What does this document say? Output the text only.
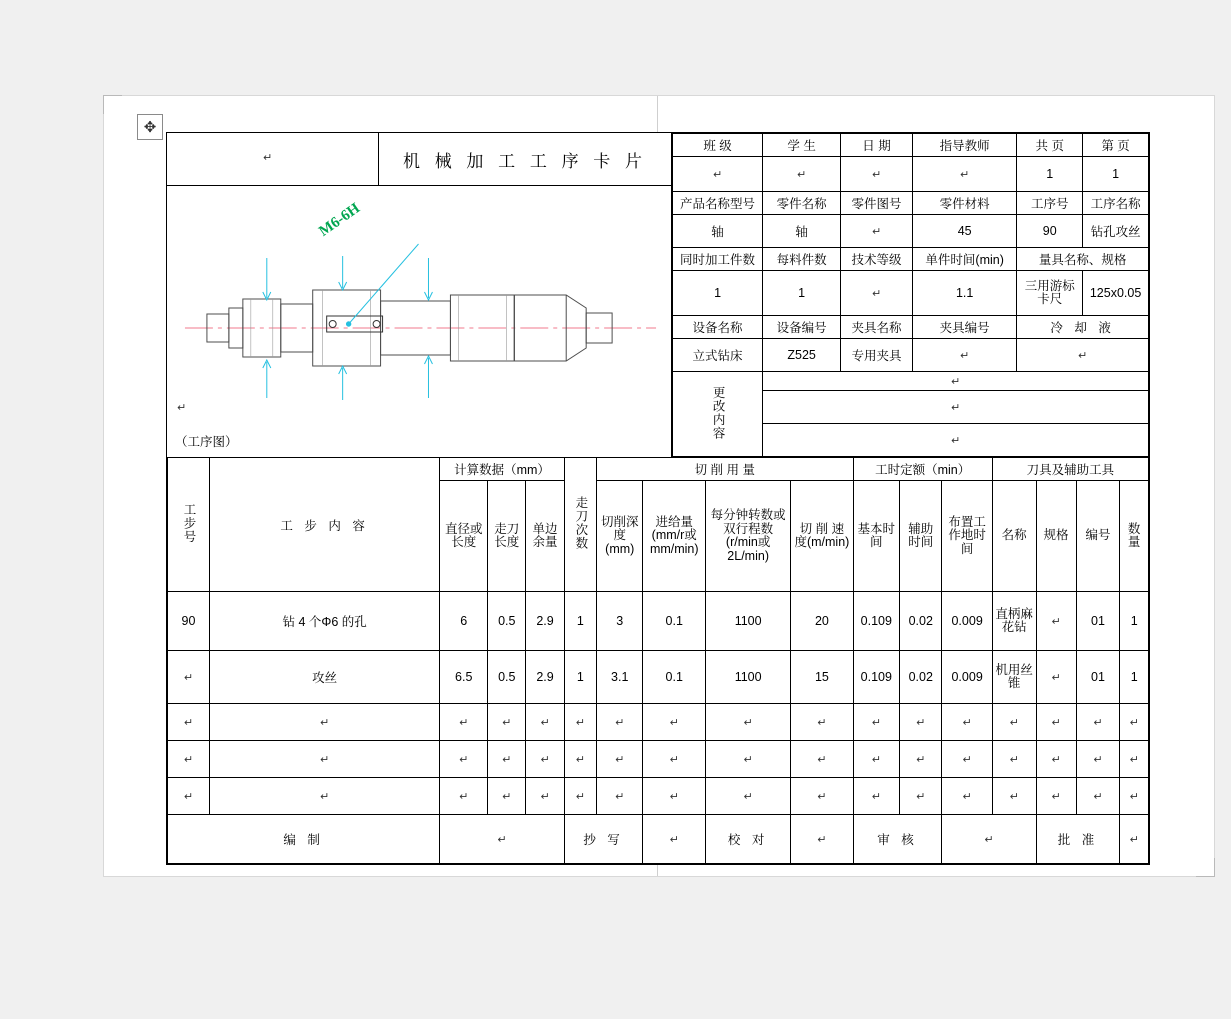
✥
↵	机 械 加 工 工 序 卡 片
M6-6H
↵
（工序图）
班 级	学 生	日 期	指导教师	共 页	第 页
↵	↵	↵	↵	1	1
产品名称型号	零件名称	零件图号	零件材料	工序号	工序名称
轴	轴	↵	45	90	钻孔攻丝
同时加工件数	每料件数	技术等级	单件时间(min)	量具名称、规格	
1	1	↵	1.1	三用游标卡尺	125x0.05
设备名称	设备编号	夹具名称	夹具编号	冷 却 液	
立式钻床	Z525	专用夹具	↵	↵
更改内容	↵
↵
↵
工步号	工 步 内 容	计算数据（mm）			走刀次数	切 削 用 量				工时定额（min）			刀具及辅助工具			
		直径或长度	走刀长度	单边余量		切削深度(mm)	进给量(mm/r或mm/min)	每分钟转数或双行程数(r/min或2L/min)	切 削 速 度(m/min)	基本时间	辅助时间	布置工作地时间	名称	规格	编号	数量
90	钻 4 个Φ6 的孔	6	0.5	2.9	1	3	0.1	1100	20	0.109	0.02	0.009	直柄麻花钻	↵	01	1
↵	攻丝	6.5	0.5	2.9	1	3.1	0.1	1100	15	0.109	0.02	0.009	机用丝锥	↵	01	1
↵	↵	↵	↵	↵	↵	↵	↵	↵	↵	↵	↵	↵	↵	↵	↵	↵
↵	↵	↵	↵	↵	↵	↵	↵	↵	↵	↵	↵	↵	↵	↵	↵	↵
↵	↵	↵	↵	↵	↵	↵	↵	↵	↵	↵	↵	↵	↵	↵	↵	↵
编 制	↵				抄 写	↵		校 对	↵	审 核	↵			批 准	↵
